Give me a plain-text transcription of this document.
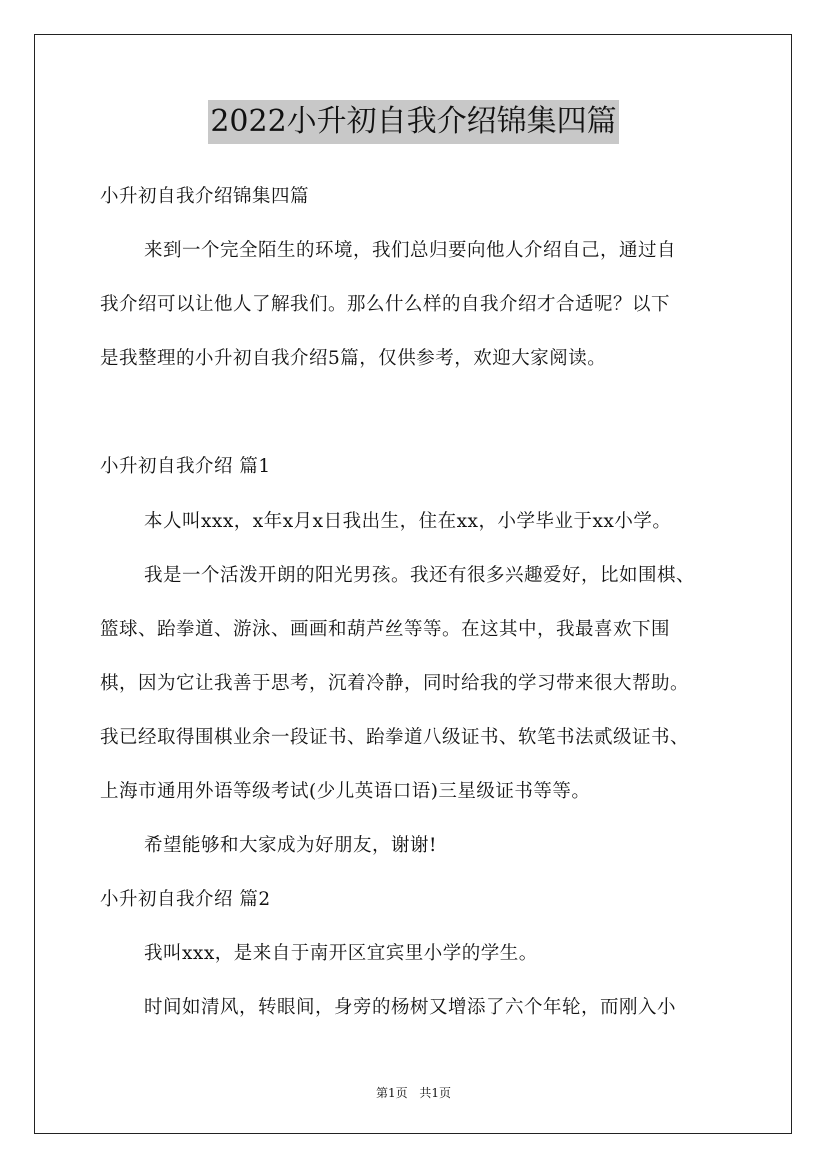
2022小升初自我介绍锦集四篇
小升初自我介绍锦集四篇
来到一个完全陌生的环境，我们总归要向他人介绍自己，通过自
我介绍可以让他人了解我们。那么什么样的自我介绍才合适呢？以下
是我整理的小升初自我介绍5篇，仅供参考，欢迎大家阅读。
小升初自我介绍 篇1
本人叫xxx，x年x月x日我出生，住在xx，小学毕业于xx小学。
我是一个活泼开朗的阳光男孩。我还有很多兴趣爱好，比如围棋、
篮球、跆拳道、游泳、画画和葫芦丝等等。在这其中，我最喜欢下围
棋，因为它让我善于思考，沉着冷静，同时给我的学习带来很大帮助。
我已经取得围棋业余一段证书、跆拳道八级证书、软笔书法贰级证书、
上海市通用外语等级考试(少儿英语口语)三星级证书等等。
希望能够和大家成为好朋友，谢谢!
小升初自我介绍 篇2
我叫xxx，是来自于南开区宜宾里小学的学生。
时间如清风，转眼间，身旁的杨树又增添了六个年轮，而刚入小
第1页 共1页
